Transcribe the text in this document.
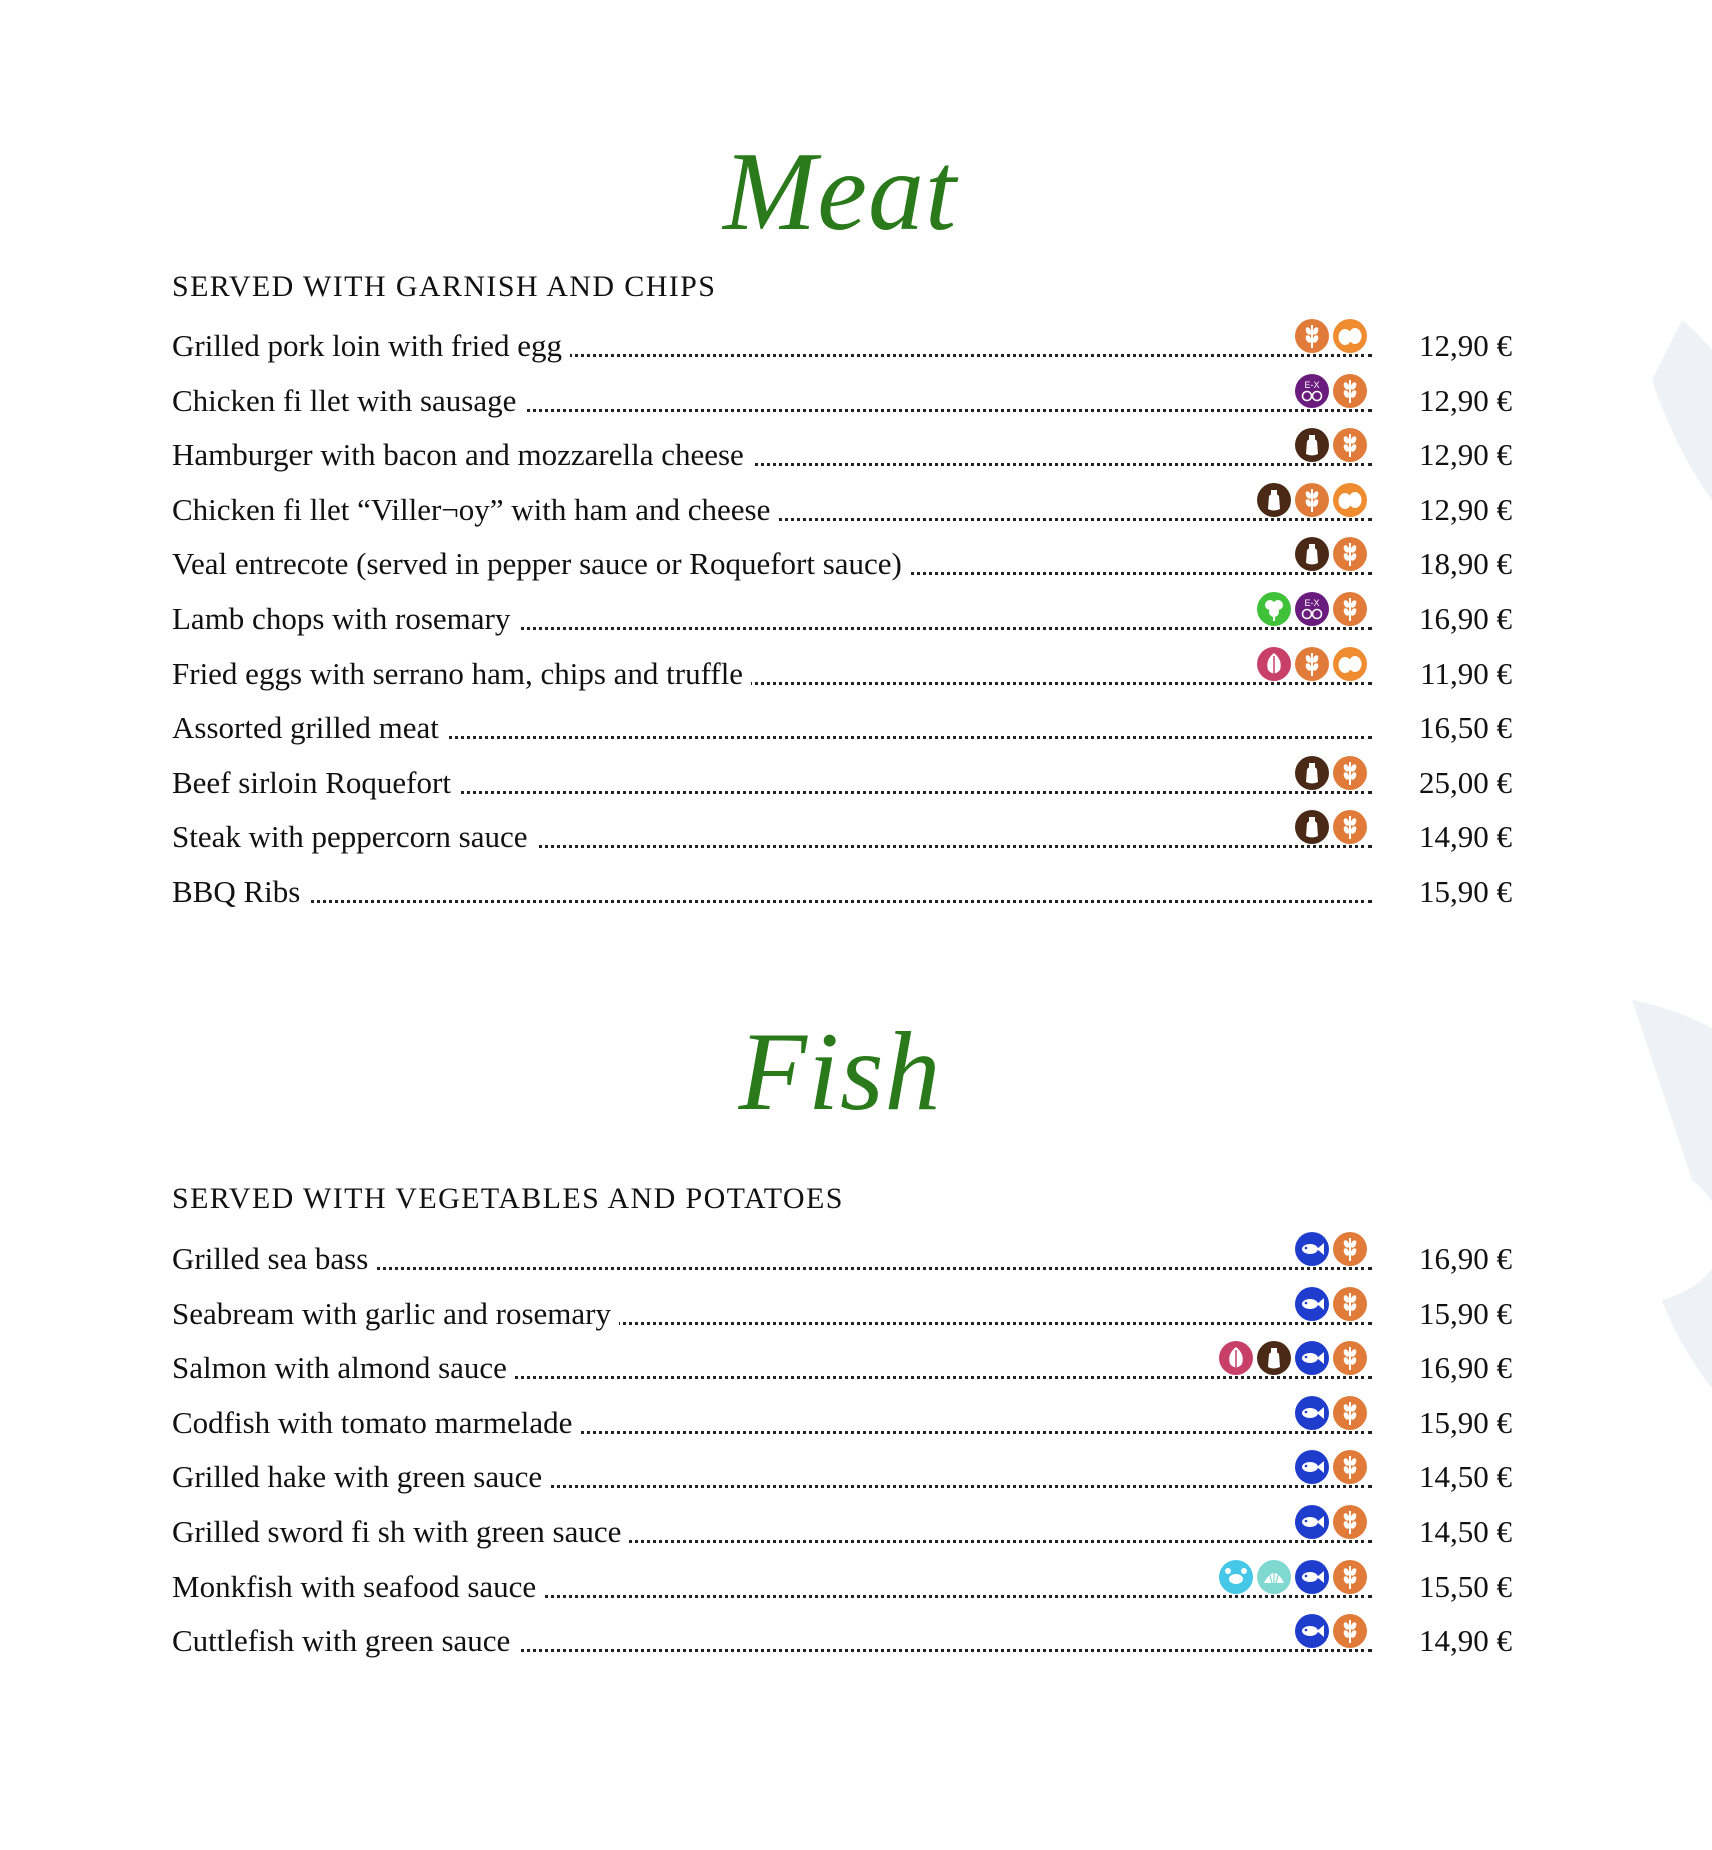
Meat
SERVED WITH GARNISH AND CHIPS
Grilled pork loin with fried egg	12,90 €
Chicken fi llet with sausage	E-X	12,90 €
Hamburger with bacon and mozzarella cheese	12,90 €
Chicken fi llet “Viller¬oy” with ham and cheese	12,90 €
Veal entrecote (served in pepper sauce or Roquefort sauce)	18,90 €
Lamb chops with rosemary	E-X	16,90 €
Fried eggs with serrano ham, chips and truffle	11,90 €
Assorted grilled meat	16,50 €
Beef sirloin Roquefort	25,00 €
Steak with peppercorn sauce	14,90 €
BBQ Ribs	15,90 €
Fish
SERVED WITH VEGETABLES AND POTATOES
Grilled sea bass	16,90 €
Seabream with garlic and rosemary	15,90 €
Salmon with almond sauce	16,90 €
Codfish with tomato marmelade	15,90 €
Grilled hake with green sauce	14,50 €
Grilled sword fi sh with green sauce	14,50 €
Monkfish with seafood sauce	15,50 €
Cuttlefish with green sauce	14,90 €
